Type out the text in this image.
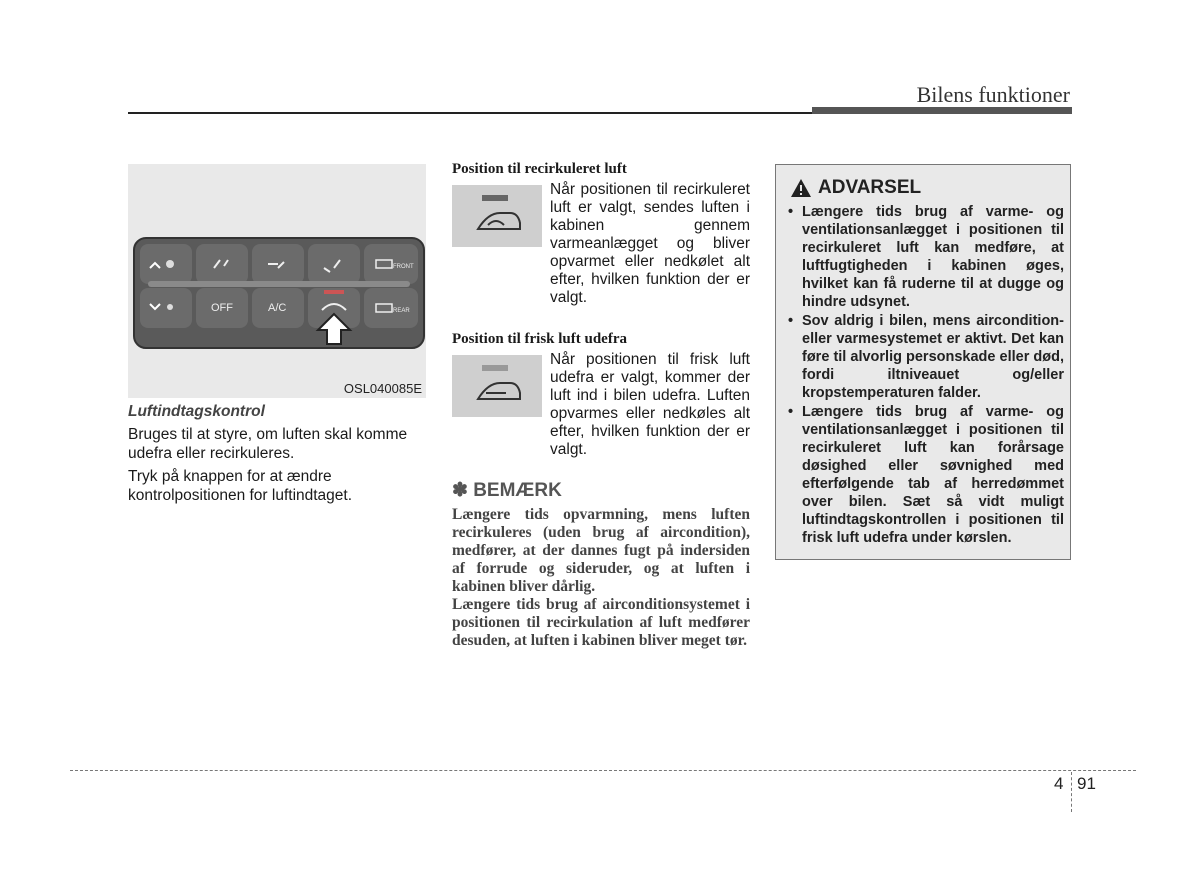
Bilens funktioner
OFF	A/C
FRONT
REAR
OSL040085E

Luftindtagskontrol

Bruges til at styre, om luften skal komme udefra eller recirkuleres.

Tryk på knappen for at ændre kontrolpositionen for luftindtaget.

Position til recirkuleret luft
Når positionen til recirkuleret luft er valgt, sendes luften i kabinen gennem varmeanlægget og bliver opvarmet eller nedkølet alt efter, hvilken funktion der er valgt.
Position til frisk luft udefra
Når positionen til frisk luft udefra er valgt, kommer der luft ind i bilen udefra. Luften opvarmes eller nedkøles alt efter, hvilken funktion der er valgt.
✽ BEMÆRK

Længere tids opvarmning, mens luften recirkuleres (uden brug af aircondition), medfører, at der dannes fugt på indersiden af forrude og sideruder, og at luften i kabinen bliver dårlig.

Længere tids brug af airconditionsystemet i positionen til recirkulation af luft medfører desuden, at luften i kabinen bliver meget tør.

ADVARSEL
• Længere tids brug af varme- og ventilationsanlægget i positionen til recirkuleret luft kan medføre, at luftfugtigheden i kabinen øges, hvilket kan få ruderne til at dugge og hindre udsynet.
• Sov aldrig i bilen, mens aircondition- eller varmesystemet er aktivt. Det kan føre til alvorlig personskade eller død, fordi iltniveauet og/eller kropstemperaturen falder.
• Længere tids brug af varme- og ventilationsanlægget i positionen til recirkuleret luft kan forårsage døsighed eller søvnighed med efterfølgende tab af herredømmet over bilen. Sæt så vidt muligt luftindtagskontrollen i positionen til frisk luft udefra under kørslen.
4 91
